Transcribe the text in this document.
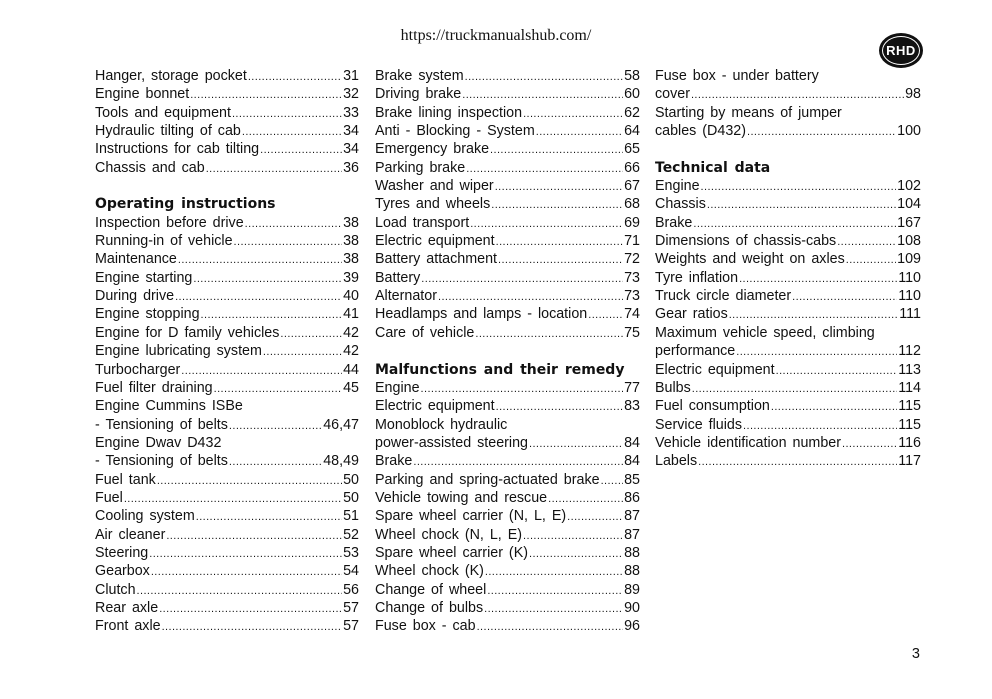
https://truckmanualshub.com/
RHD
Hanger, storage pocket .....	31
Engine bonnet .....	32
Tools and equipment .....	33
Hydraulic tilting of cab .....	34
Instructions for cab tilting .....	34
Chassis and cab .....	36
Operating instructions
Inspection before drive .....	38
Running-in of vehicle .....	38
Maintenance .....	38
Engine starting .....	39
During drive .....	40
Engine stopping .....	41
Engine for D family vehicles .....	42
Engine lubricating system .....	42
Turbocharger .....	44
Fuel filter draining .....	45
Engine Cummins ISBe
- Tensioning of belts .....	46,47
Engine Dwav D432
- Tensioning of belts .....	48,49
Fuel tank .....	50
Fuel .....	50
Cooling system .....	51
Air cleaner .....	52
Steering .....	53
Gearbox .....	54
Clutch .....	56
Rear axle .....	57
Front axle .....	57
Brake system .....	58
Driving brake .....	60
Brake lining inspection .....	62
Anti - Blocking - System .....	64
Emergency brake .....	65
Parking brake .....	66
Washer and wiper .....	67
Tyres and wheels .....	68
Load transport .....	69
Electric equipment .....	71
Battery attachment .....	72
Battery .....	73
Alternator .....	73
Headlamps and lamps - location .....	74
Care of vehicle .....	75
Malfunctions and their remedy
Engine .....	77
Electric equipment .....	83
Monoblock hydraulic
power-assisted steering .....	84
Brake .....	84
Parking and spring-actuated brake ..... 85
Vehicle towing and rescue .....	86
Spare wheel carrier (N, L, E) .....	87
Wheel chock (N, L, E) .....	87
Spare wheel carrier (K) .....	88
Wheel chock (K) .....	88
Change of wheel .....	89
Change of bulbs .....	90
Fuse box - cab .....	96
Fuse box - under battery
cover .....	98
Starting by means of jumper
cables (D432) .....	100
Technical data
Engine .....	102
Chassis .....	104
Brake .....	167
Dimensions of chassis-cabs .....	108
Weights and weight on axles .....	109
Tyre inflation .....	110
Truck circle diameter .....	110
Gear ratios .....	111
Maximum vehicle speed, climbing
performance .....	112
Electric equipment .....	113
Bulbs .....	114
Fuel consumption .....	115
Service fluids .....	115
Vehicle identification number .....	116
Labels .....	117
3
